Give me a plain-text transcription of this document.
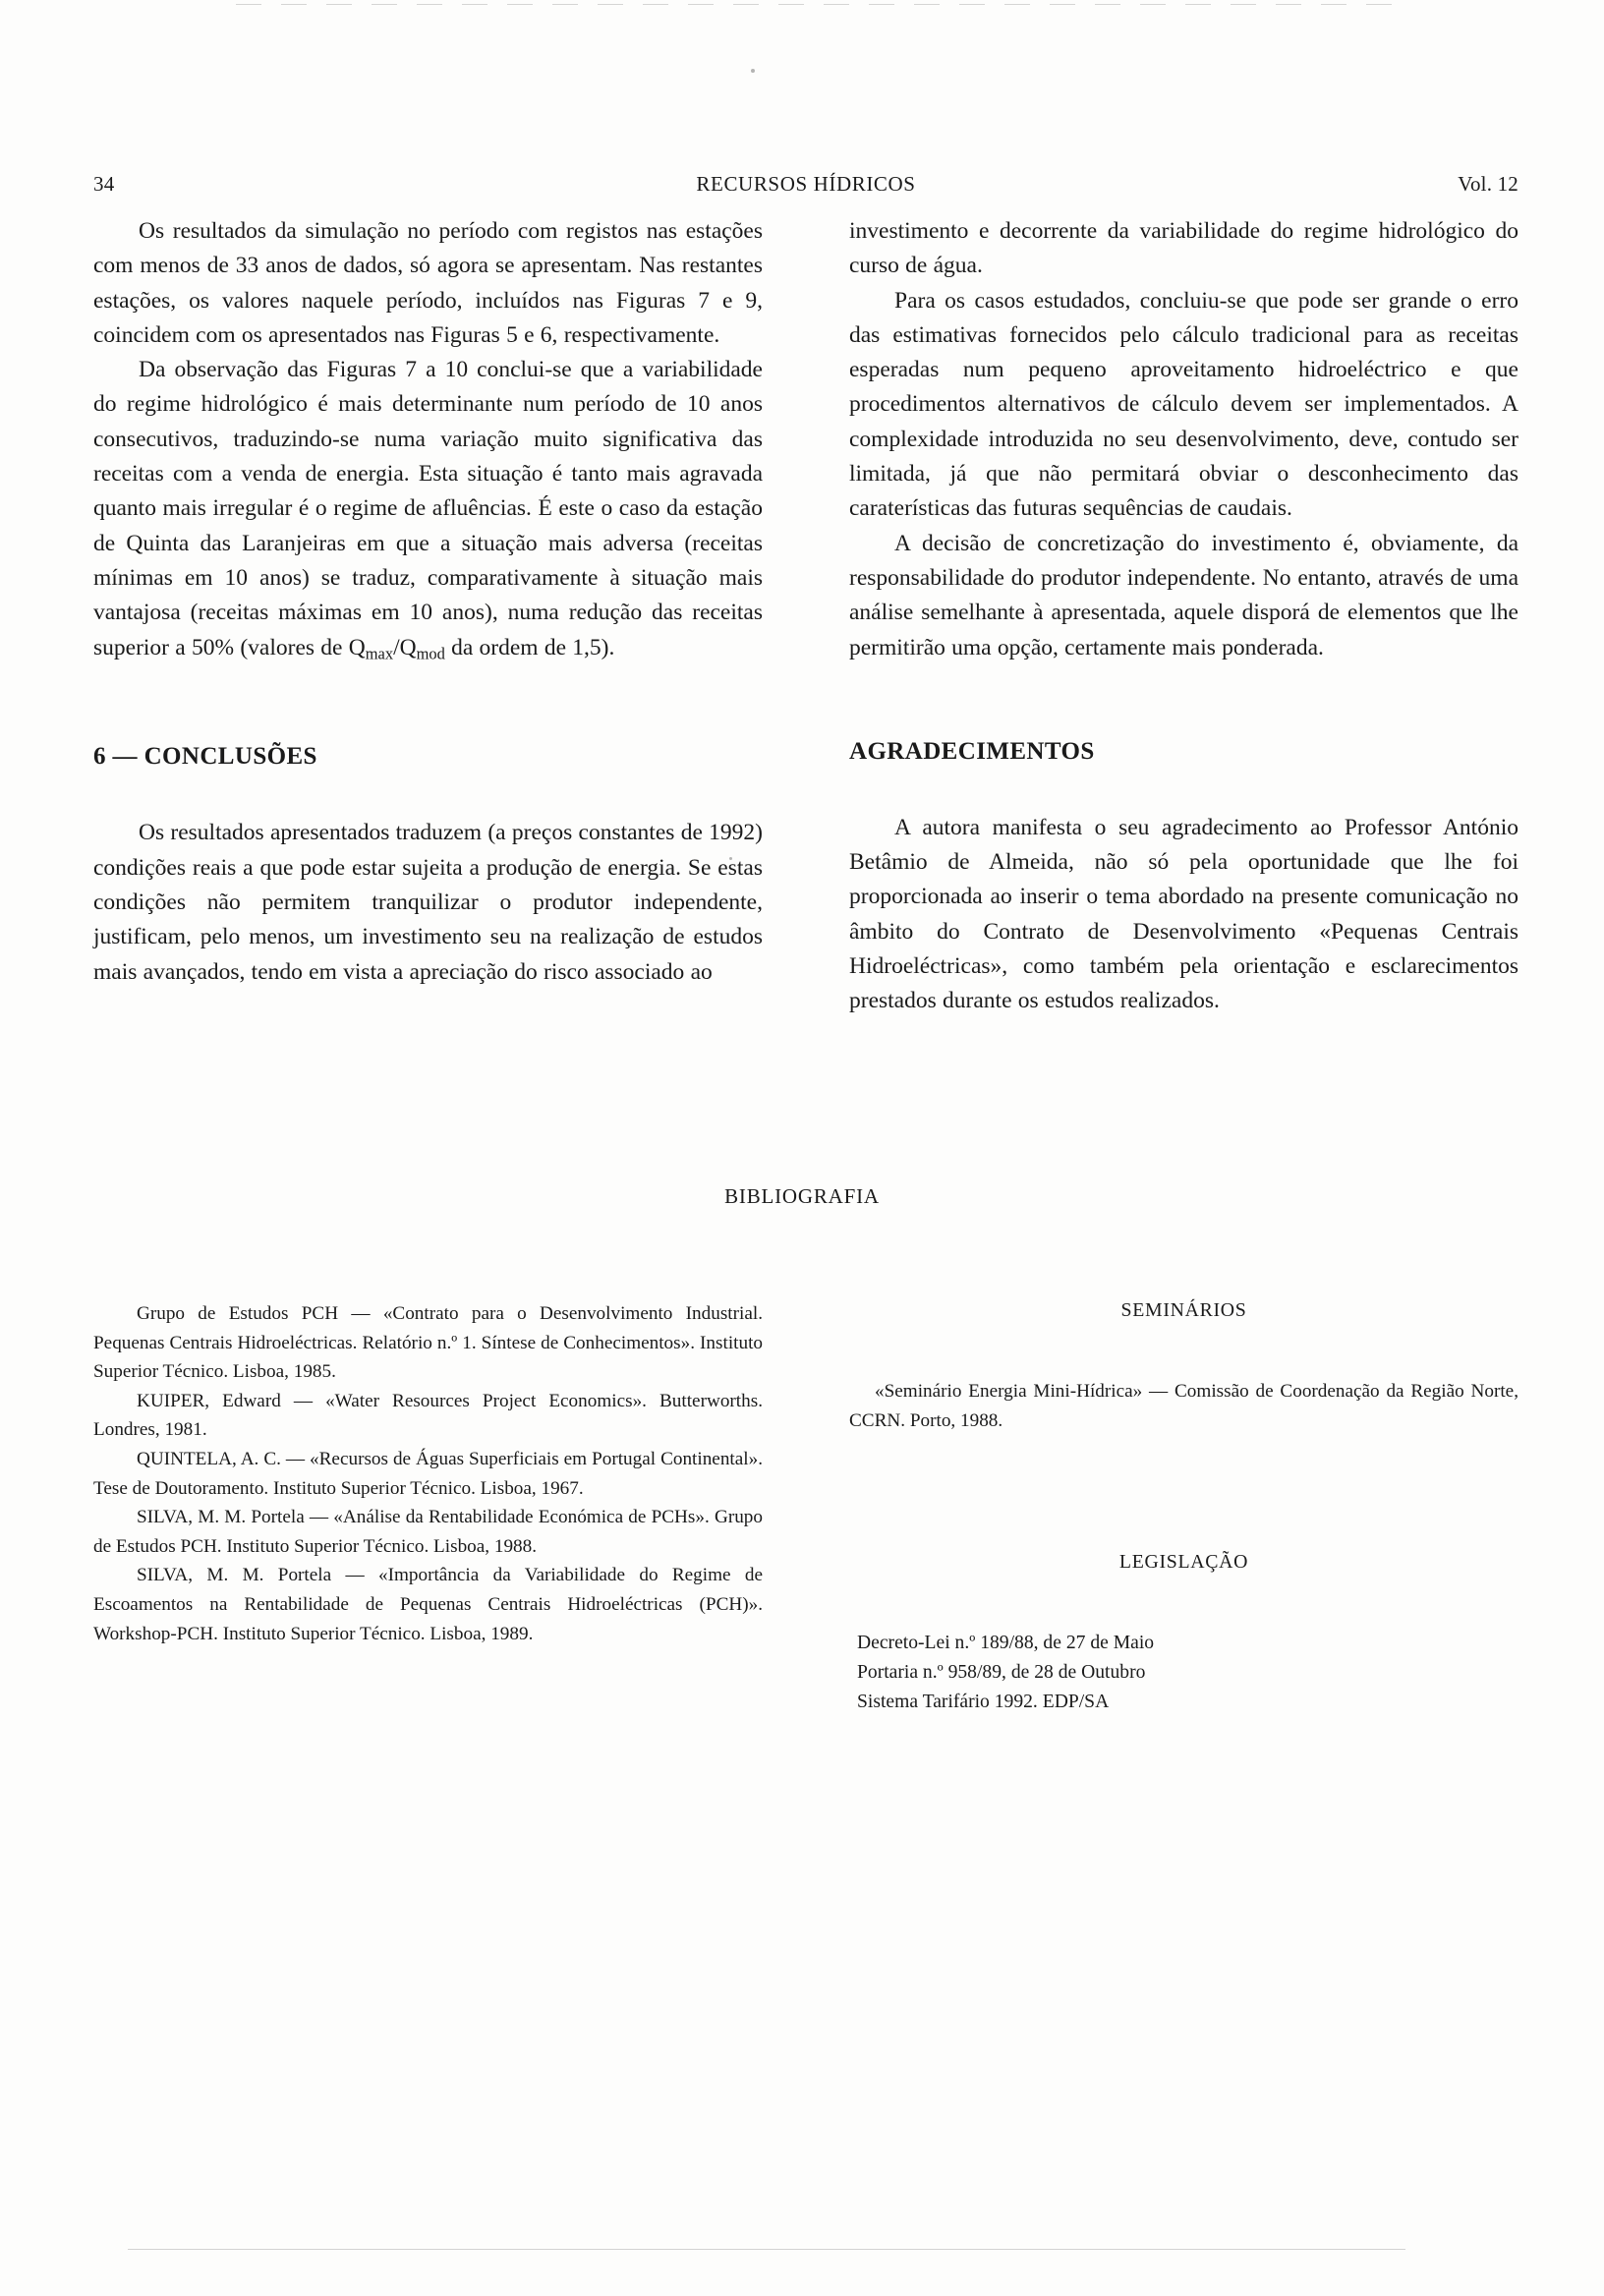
34	RECURSOS HÍDRICOS	Vol. 12

Os resultados da simulação no período com registos nas estações com menos de 33 anos de dados, só agora se apresentam. Nas restantes estações, os valores naquele período, incluídos nas Figuras 7 e 9, coincidem com os apresentados nas Figuras 5 e 6, respectivamente.

Da observação das Figuras 7 a 10 conclui-se que a variabilidade do regime hidrológico é mais determinante num período de 10 anos consecutivos, traduzindo-se numa variação muito significativa das receitas com a venda de energia. Esta situação é tanto mais agravada quanto mais irregular é o regime de afluências. É este o caso da estação de Quinta das Laranjeiras em que a situação mais adversa (receitas mínimas em 10 anos) se traduz, comparativamente à situação mais vantajosa (receitas máximas em 10 anos), numa redução das receitas superior a 50% (valores de $Q_{max}/Q_{mod}$ da ordem de 1,5).

6 — CONCLUSÕES

Os resultados apresentados traduzem (a preços constantes de 1992) condições reais a que pode estar sujeita a produção de energia. Se estas condições não permitem tranquilizar o produtor independente, justificam, pelo menos, um investimento seu na realização de estudos mais avançados, tendo em vista a apreciação do risco associado ao

investimento e decorrente da variabilidade do regime hidrológico do curso de água.

Para os casos estudados, concluiu-se que pode ser grande o erro das estimativas fornecidos pelo cálculo tradicional para as receitas esperadas num pequeno aproveitamento hidroeléctrico e que procedimentos alternativos de cálculo devem ser implementados. A complexidade introduzida no seu desenvolvimento, deve, contudo ser limitada, já que não permitará obviar o desconhecimento das caraterísticas das futuras sequências de caudais.

A decisão de concretização do investimento é, obviamente, da responsabilidade do produtor independente. No entanto, através de uma análise semelhante à apresentada, aquele disporá de elementos que lhe permitirão uma opção, certamente mais ponderada.

AGRADECIMENTOS

A autora manifesta o seu agradecimento ao Professor António Betâmio de Almeida, não só pela oportunidade que lhe foi proporcionada ao inserir o tema abordado na presente comunicação no âmbito do Contrato de Desenvolvimento «Pequenas Centrais Hidroeléctricas», como também pela orientação e esclarecimentos prestados durante os estudos realizados.

BIBLIOGRAFIA

Grupo de Estudos PCH — «Contrato para o Desenvolvimento Industrial. Pequenas Centrais Hidroeléctricas. Relatório n.º 1. Síntese de Conhecimentos». Instituto Superior Técnico. Lisboa, 1985.

KUIPER, Edward — «Water Resources Project Economics». Butterworths. Londres, 1981.

QUINTELA, A. C. — «Recursos de Águas Superficiais em Portugal Continental». Tese de Doutoramento. Instituto Superior Técnico. Lisboa, 1967.

SILVA, M. M. Portela — «Análise da Rentabilidade Económica de PCHs». Grupo de Estudos PCH. Instituto Superior Técnico. Lisboa, 1988.

SILVA, M. M. Portela — «Importância da Variabilidade do Regime de Escoamentos na Rentabilidade de Pequenas Centrais Hidroeléctricas (PCH)». Workshop-PCH. Instituto Superior Técnico. Lisboa, 1989.

SEMINÁRIOS

«Seminário Energia Mini-Hídrica» — Comissão de Coordenação da Região Norte, CCRN. Porto, 1988.

LEGISLAÇÃO

Decreto-Lei n.º 189/88, de 27 de Maio

Portaria n.º 958/89, de 28 de Outubro

Sistema Tarifário 1992. EDP/SA
